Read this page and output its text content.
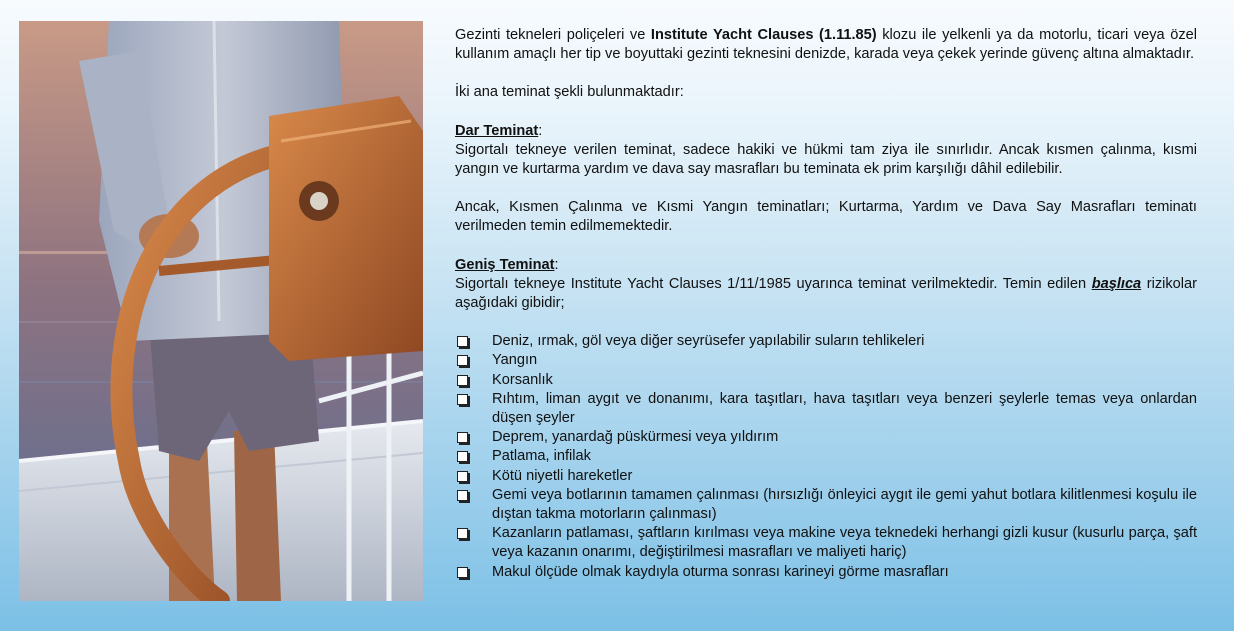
Gezinti tekneleri poliçeleri ve Institute Yacht Clauses (1.11.85) klozu ile yelkenli ya da motorlu, ticari veya özel kullanım amaçlı her tip ve boyuttaki gezinti teknesini denizde, karada veya çekek yerinde güvenç altına almaktadır.

İki ana teminat şekli bulunmaktadır:

Dar Teminat:

Sigortalı tekneye verilen teminat, sadece hakiki ve hükmi tam ziya ile sınırlıdır. Ancak kısmen çalınma, kısmi yangın ve kurtarma yardım ve dava say masrafları bu teminata ek prim karşılığı dâhil edilebilir.

Ancak, Kısmen Çalınma ve Kısmi Yangın teminatları; Kurtarma, Yardım ve Dava Say Masrafları teminatı verilmeden temin edilmemektedir.

Geniş Teminat:

Sigortalı tekneye Institute Yacht Clauses 1/11/1985 uyarınca teminat verilmektedir. Temin edilen başlıca rizikolar aşağıdaki gibidir;

Deniz, ırmak, göl veya diğer seyrüsefer yapılabilir suların tehlikeleri
Yangın
Korsanlık
Rıhtım, liman aygıt ve donanımı, kara taşıtları, hava taşıtları veya benzeri şeylerle temas veya onlardan düşen şeyler
Deprem, yanardağ püskürmesi veya yıldırım
Patlama, infilak
Kötü niyetli hareketler
Gemi veya botlarının tamamen çalınması (hırsızlığı önleyici aygıt ile gemi yahut botlara kilitlenmesi koşulu ile dıştan takma motorların çalınması)
Kazanların patlaması, şaftların kırılması veya makine veya teknedeki herhangi gizli kusur (kusurlu parça, şaft veya kazanın onarımı, değiştirilmesi masrafları ve maliyeti hariç)
Makul ölçüde olmak kaydıyla oturma sonrası karineyi görme masrafları
